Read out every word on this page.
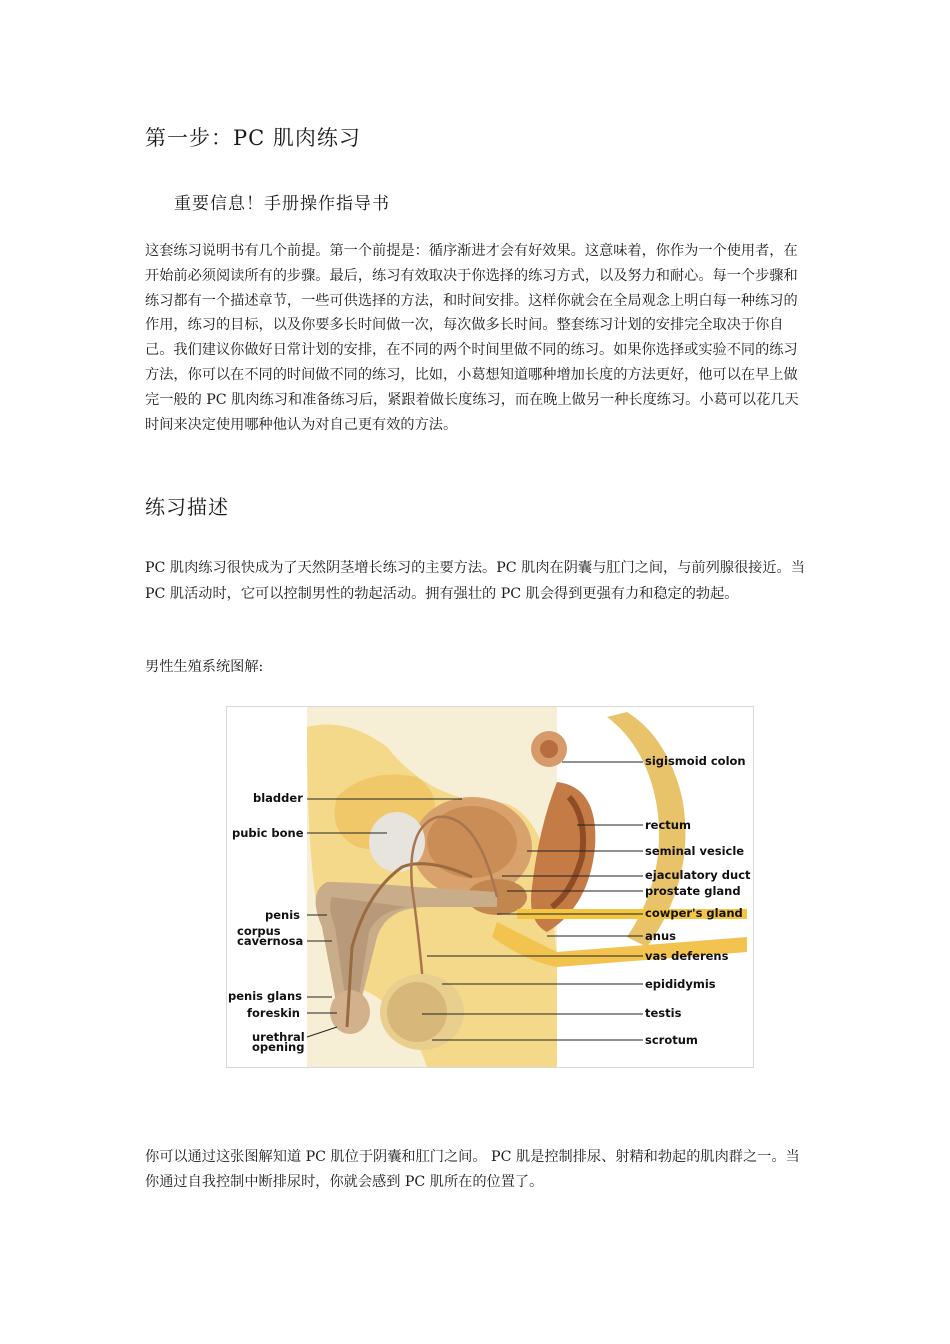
第一步：PC 肌肉练习
重要信息！手册操作指导书
这套练习说明书有几个前提。第一个前提是：循序渐进才会有好效果。这意味着，你作为一个使用者，在开始前必须阅读所有的步骤。最后，练习有效取决于你选择的练习方式，以及努力和耐心。每一个步骤和练习都有一个描述章节，一些可供选择的方法，和时间安排。这样你就会在全局观念上明白每一种练习的作用，练习的目标，以及你要多长时间做一次，每次做多长时间。整套练习计划的安排完全取决于你自己。我们建议你做好日常计划的安排，在不同的两个时间里做不同的练习。如果你选择或实验不同的练习方法，你可以在不同的时间做不同的练习，比如，小葛想知道哪种增加长度的方法更好，他可以在早上做完一般的 PC 肌肉练习和准备练习后，紧跟着做长度练习，而在晚上做另一种长度练习。小葛可以花几天时间来决定使用哪种他认为对自己更有效的方法。
练习描述
PC 肌肉练习很快成为了天然阴茎增长练习的主要方法。PC 肌肉在阴囊与肛门之间，与前列腺很接近。当 PC 肌活动时，它可以控制男性的勃起活动。拥有强壮的 PC 肌会得到更强有力和稳定的勃起。
男性生殖系统图解:
bladder
pubic bone
penis
corpus
cavernosa
penis glans
foreskin
urethral
opening
sigismoid colon
rectum
seminal vesicle
ejaculatory duct
prostate gland
cowper's gland
anus
vas deferens
epididymis
testis
scrotum
你可以通过这张图解知道 PC 肌位于阴囊和肛门之间。 PC 肌是控制排尿、射精和勃起的肌肉群之一。当你通过自我控制中断排尿时，你就会感到 PC 肌所在的位置了。
